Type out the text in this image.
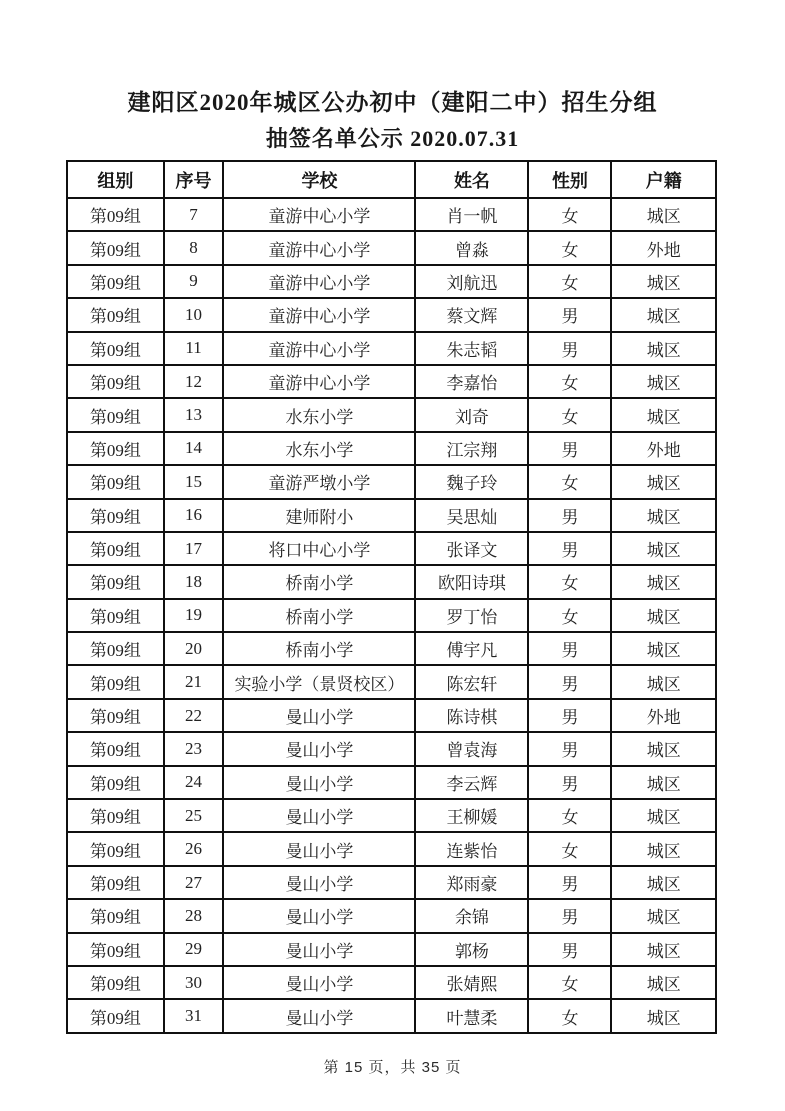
建阳区2020年城区公办初中（建阳二中）招生分组
抽签名单公示 2020.07.31
组别	序号	学校	姓名	性别	户籍
第09组	7	童游中心小学	肖一帆	女	城区
第09组	8	童游中心小学	曾淼	女	外地
第09组	9	童游中心小学	刘航迅	女	城区
第09组	10	童游中心小学	蔡文辉	男	城区
第09组	11	童游中心小学	朱志韬	男	城区
第09组	12	童游中心小学	李嘉怡	女	城区
第09组	13	水东小学	刘奇	女	城区
第09组	14	水东小学	江宗翔	男	外地
第09组	15	童游严墩小学	魏子玲	女	城区
第09组	16	建师附小	吴思灿	男	城区
第09组	17	将口中心小学	张译文	男	城区
第09组	18	桥南小学	欧阳诗琪	女	城区
第09组	19	桥南小学	罗丁怡	女	城区
第09组	20	桥南小学	傅宇凡	男	城区
第09组	21	实验小学（景贤校区）	陈宏轩	男	城区
第09组	22	曼山小学	陈诗棋	男	外地
第09组	23	曼山小学	曾袁海	男	城区
第09组	24	曼山小学	李云辉	男	城区
第09组	25	曼山小学	王柳媛	女	城区
第09组	26	曼山小学	连紫怡	女	城区
第09组	27	曼山小学	郑雨豪	男	城区
第09组	28	曼山小学	余锦	男	城区
第09组	29	曼山小学	郭杨	男	城区
第09组	30	曼山小学	张婧熙	女	城区
第09组	31	曼山小学	叶慧柔	女	城区
第 15 页，共 35 页
